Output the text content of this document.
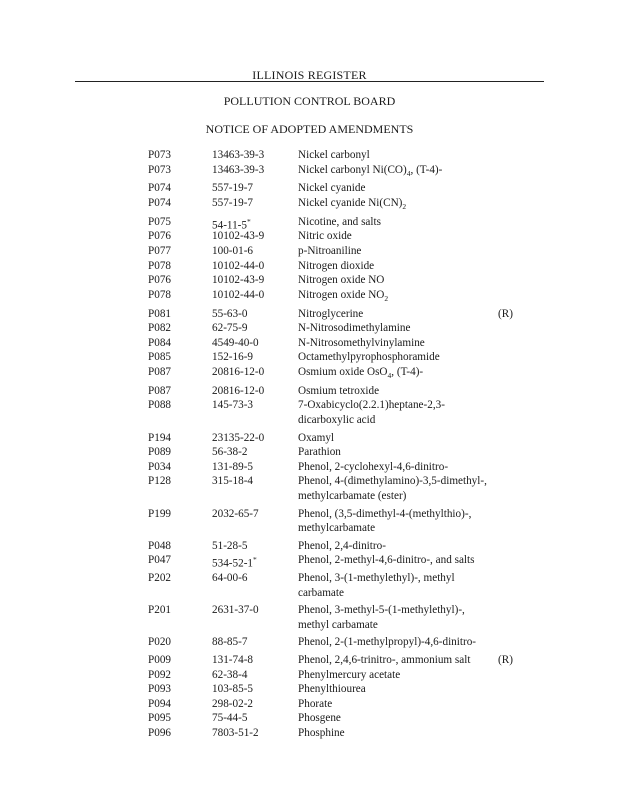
ILLINOIS REGISTER
POLLUTION CONTROL BOARD
NOTICE OF ADOPTED AMENDMENTS
P073	13463-39-3	Nickel carbonyl
P073	13463-39-3	Nickel carbonyl $Ni(CO)_4$, (T-4)-
P074	557-19-7	Nickel cyanide
P074	557-19-7	Nickel cyanide $Ni(CN)_2$
P075	54-11-5*	Nicotine, and salts
P076	10102-43-9	Nitric oxide
P077	100-01-6	p-Nitroaniline
P078	10102-44-0	Nitrogen dioxide
P076	10102-43-9	Nitrogen oxide NO
P078	10102-44-0	Nitrogen oxide $NO_2$
P081	55-63-0	Nitroglycerine	(R)
P082	62-75-9	N-Nitrosodimethylamine
P084	4549-40-0	N-Nitrosomethylvinylamine
P085	152-16-9	Octamethylpyrophosphoramide
P087	20816-12-0	Osmium oxide OsO$_4$, (T-4)-
P087	20816-12-0	Osmium tetroxide
P088	145-73-3	7-Oxabicyclo(2.2.1)heptane-2,3-dicarboxylic acid
P194	23135-22-0	Oxamyl
P089	56-38-2	Parathion
P034	131-89-5	Phenol, 2-cyclohexyl-4,6-dinitro-
P128	315-18-4	Phenol, 4-(dimethylamino)-3,5-dimethyl-, methylcarbamate (ester)
P199	2032-65-7	Phenol, (3,5-dimethyl-4-(methylthio)-, methylcarbamate
P048	51-28-5	Phenol, 2,4-dinitro-
P047	534-52-1*	Phenol, 2-methyl-4,6-dinitro-, and salts
P202	64-00-6	Phenol, 3-(1-methylethyl)-, methyl carbamate
P201	2631-37-0	Phenol, 3-methyl-5-(1-methylethyl)-, methyl carbamate
P020	88-85-7	Phenol, 2-(1-methylpropyl)-4,6-dinitro-
P009	131-74-8	Phenol, 2,4,6-trinitro-, ammonium salt	(R)
P092	62-38-4	Phenylmercury acetate
P093	103-85-5	Phenylthiourea
P094	298-02-2	Phorate
P095	75-44-5	Phosgene
P096	7803-51-2	Phosphine
